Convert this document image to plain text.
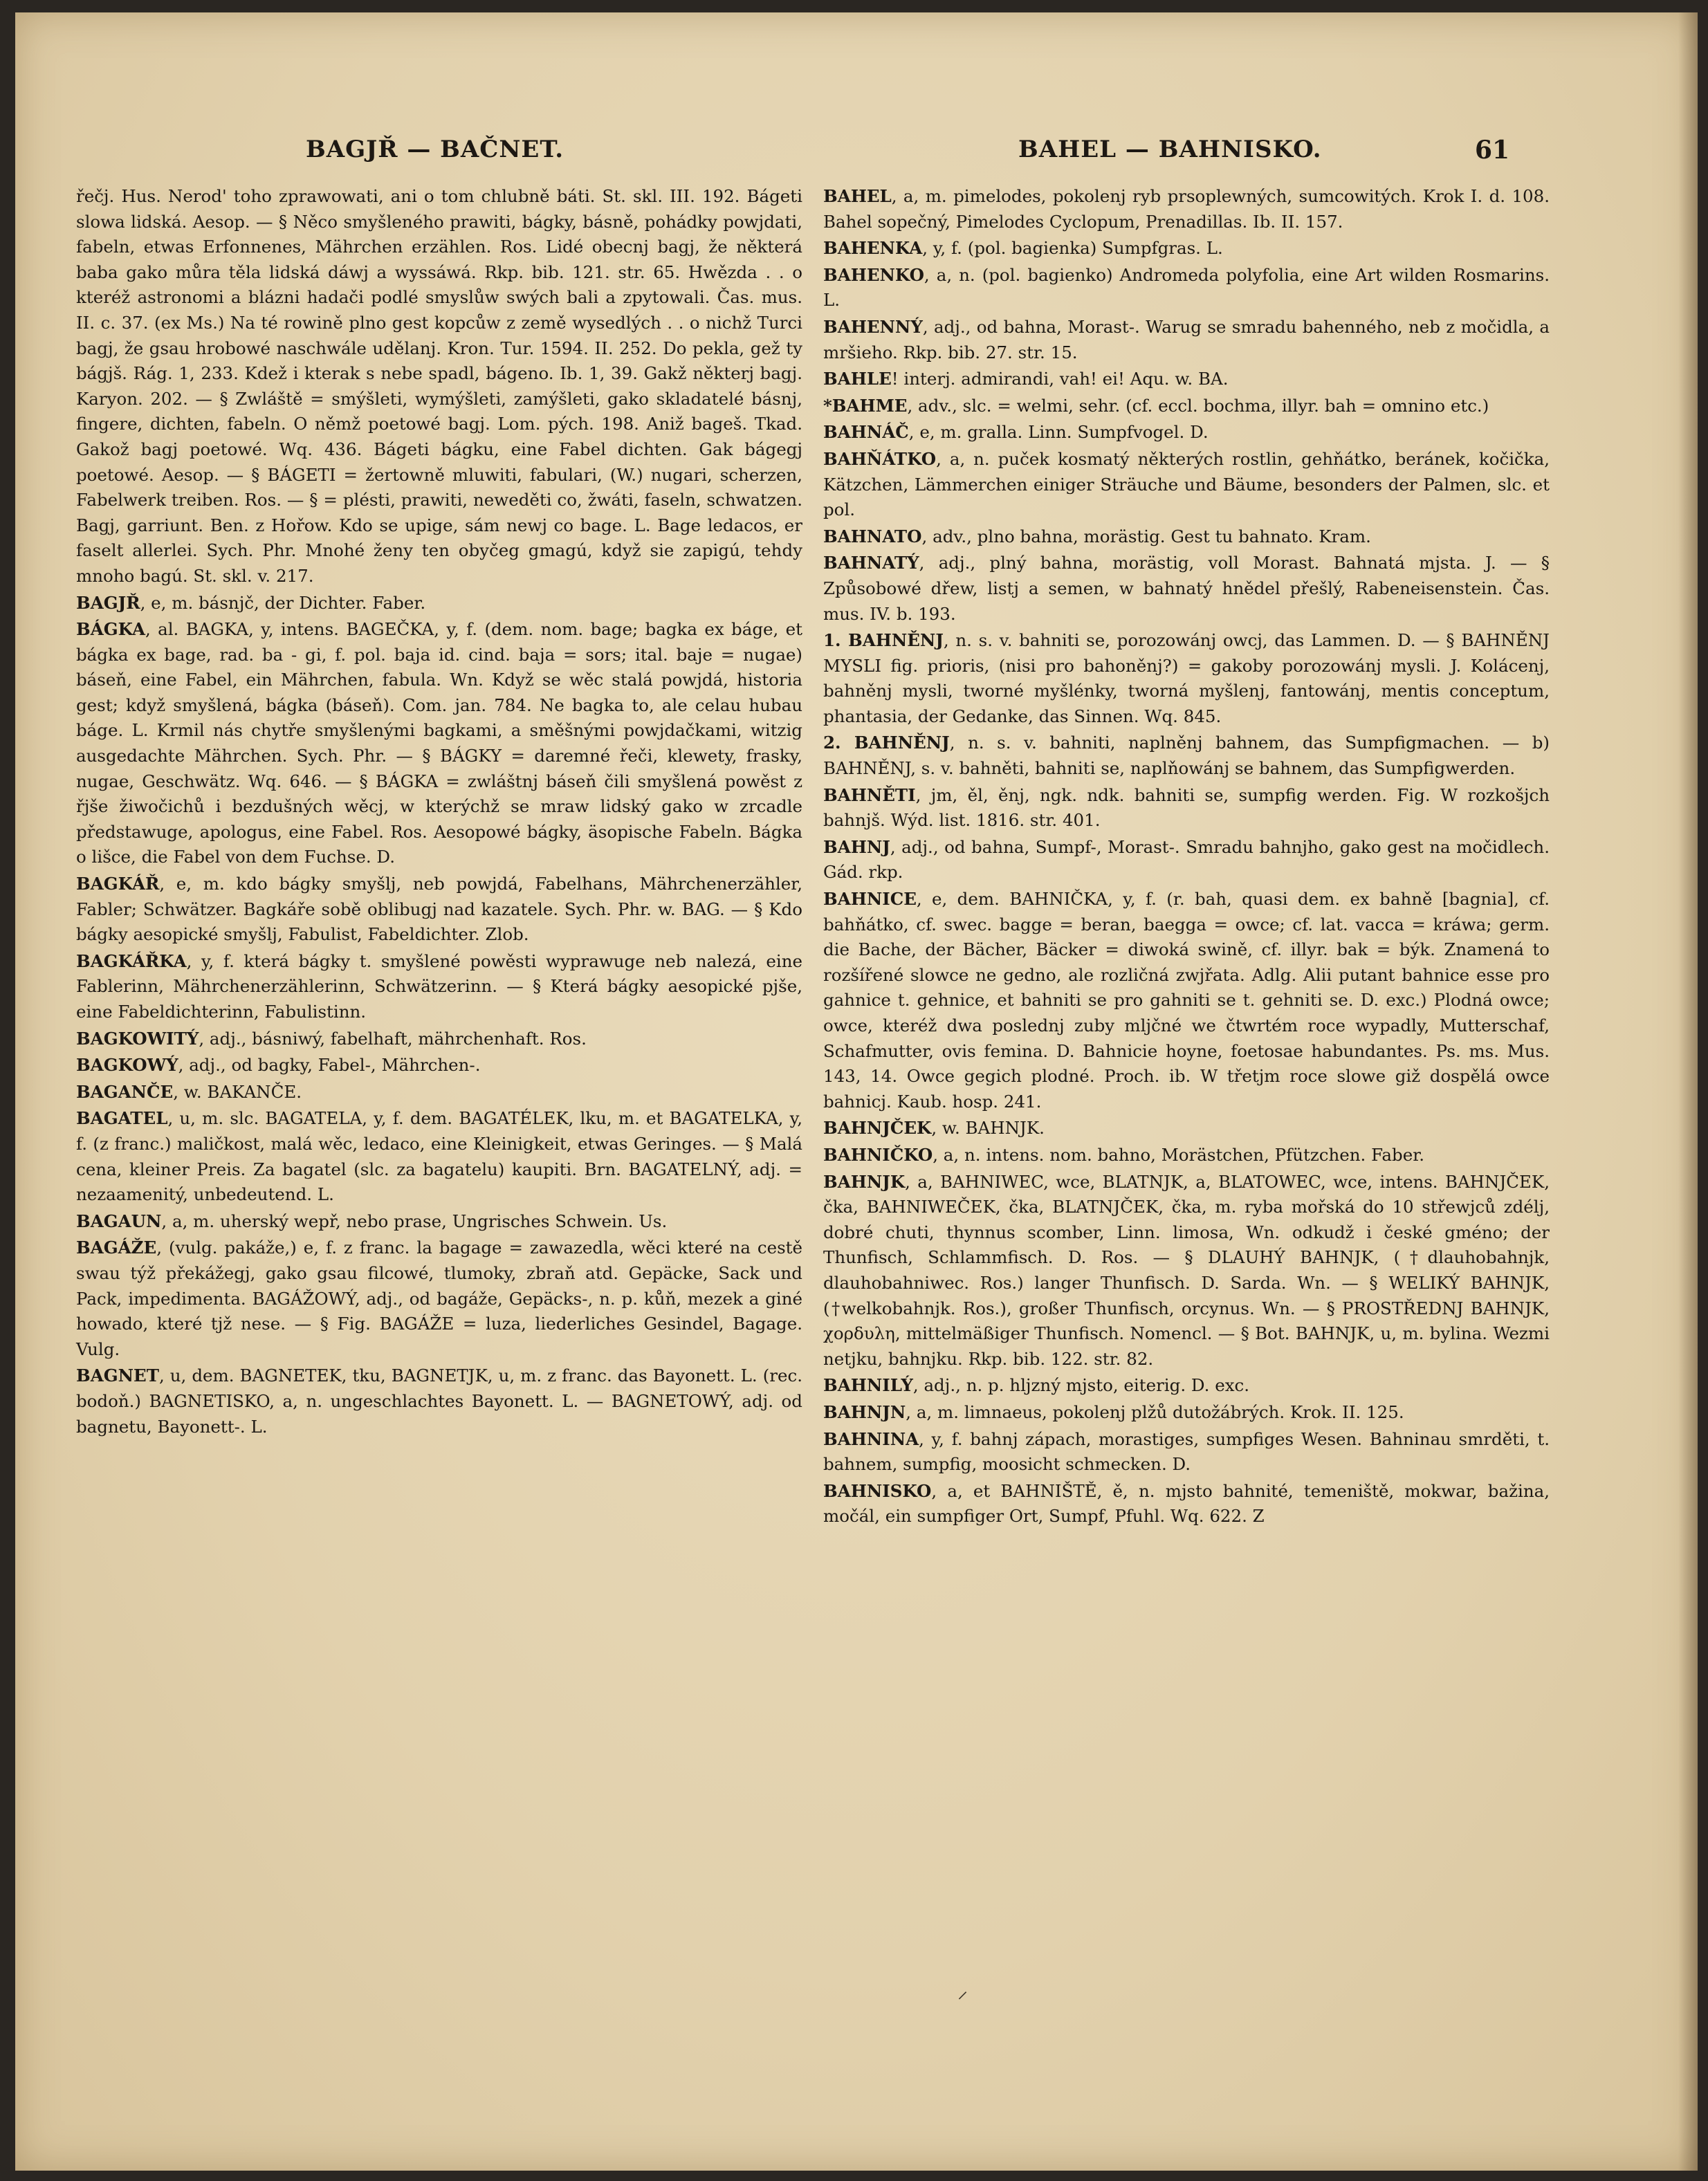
BAGJŘ — BAČNET.	BAHEL — BAHNISKO.	61

řečj. Hus. Nerod' toho zprawowati, ani o tom chlubně báti. St. skl. III. 192. Bágeti slowa lidská. Aesop. — § Něco smyšleného prawiti, bágky, básně, pohádky powjdati, fabeln, etwas Erfonnenes, Mährchen erzählen. Ros. Lidé obecnj bagj, že některá baba gako můra těla lidská dáwj a wyssáwá. Rkp. bib. 121. str. 65. Hwězda . . o kteréž astronomi a blázni hadači podlé smyslůw swých bali a zpytowali. Čas. mus. II. c. 37. (ex Ms.) Na té rowině plno gest kopcůw z země wysedlých . . o nichž Turci bagj, že gsau hrobowé naschwále udělanj. Kron. Tur. 1594. II. 252. Do pekla, gež ty bágjš. Rág. 1, 233. Kdež i kterak s nebe spadl, bágeno. Ib. 1, 39. Gakž některj bagj. Karyon. 202. — § Zwláště = smýšleti, wymýšleti, zamýšleti, gako skladatelé básnj, fingere, dichten, fabeln. O němž poetowé bagj. Lom. pých. 198. Aniž bageš. Tkad. Gakož bagj poetowé. Wq. 436. Bágeti bágku, eine Fabel dichten. Gak bágegj poetowé. Aesop. — § BÁGETI = žertowně mluwiti, fabulari, (W.) nugari, scherzen, Fabelwerk treiben. Ros. — § = plésti, prawiti, neweděti co, žwáti, faseln, schwatzen. Bagj, garriunt. Ben. z Hořow. Kdo se upige, sám newj co bage. L. Bage ledacos, er faselt allerlei. Sych. Phr. Mnohé ženy ten obyčeg gmagú, když sie zapigú, tehdy mnoho bagú. St. skl. v. 217.

BAGJŘ, e, m. básnjč, der Dichter. Faber.

BÁGKA, al. BAGKA, y, intens. BAGEČKA, y, f. (dem. nom. bage; bagka ex báge, et bágka ex bage, rad. ba - gi, f. pol. baja id. cind. baja = sors; ital. baje = nugae) báseň, eine Fabel, ein Mährchen, fabula. Wn. Když se wěc stalá powjdá, historia gest; když smyšlená, bágka (báseň). Com. jan. 784. Ne bagka to, ale celau hubau báge. L. Krmil nás chytře smyšlenými bagkami, a směšnými powjdačkami, witzig ausgedachte Mährchen. Sych. Phr. — § BÁGKY = daremné řeči, klewety, frasky, nugae, Geschwätz. Wq. 646. — § BÁGKA = zwláštnj báseň čili smyšlená powěst z řjše žiwočichů i bezdušných wěcj, w kterýchž se mraw lidský gako w zrcadle předstawuge, apologus, eine Fabel. Ros. Aesopowé bágky, äsopische Fabeln. Bágka o lišce, die Fabel von dem Fuchse. D.

BAGKÁŘ, e, m. kdo bágky smyšlj, neb powjdá, Fabelhans, Mährchenerzähler, Fabler; Schwätzer. Bagkáře sobě oblibugj nad kazatele. Sych. Phr. w. BAG. — § Kdo bágky aesopické smyšlj, Fabulist, Fabeldichter. Zlob.

BAGKÁŘKA, y, f. která bágky t. smyšlené powěsti wyprawuge neb nalezá, eine Fablerinn, Mährchenerzählerinn, Schwätzerinn. — § Která bágky aesopické pjše, eine Fabeldichterinn, Fabulistinn.

BAGKOWITÝ, adj., básniwý, fabelhaft, mährchenhaft. Ros.

BAGKOWÝ, adj., od bagky, Fabel-, Mährchen-.

BAGANČE, w. BAKANČE.

BAGATEL, u, m. slc. BAGATELA, y, f. dem. BAGATÉLEK, lku, m. et BAGATELKA, y, f. (z franc.) maličkost, malá wěc, ledaco, eine Kleinigkeit, etwas Geringes. — § Malá cena, kleiner Preis. Za bagatel (slc. za bagatelu) kaupiti. Brn. BAGATELNÝ, adj. = nezaamenitý, unbedeutend. L.

BAGAUN, a, m. uherský wepř, nebo prase, Ungrisches Schwein. Us.

BAGÁŽE, (vulg. pakáže,) e, f. z franc. la bagage = zawazedla, wěci které na cestě swau týž překážegj, gako gsau filcowé, tlumoky, zbraň atd. Gepäcke, Sack und Pack, impedimenta. BAGÁŽOWÝ, adj., od bagáže, Gepäcks-, n. p. kůň, mezek a giné howado, které tjž nese. — § Fig. BAGÁŽE = luza, liederliches Gesindel, Bagage. Vulg.

BAGNET, u, dem. BAGNETEK, tku, BAGNETJK, u, m. z franc. das Bayonett. L. (rec. bodoň.) BAGNETISKO, a, n. ungeschlachtes Bayonett. L. — BAGNETOWÝ, adj. od bagnetu, Bayonett-. L.

BAHEL, a, m. pimelodes, pokolenj ryb prsoplewných, sumcowitých. Krok I. d. 108. Bahel sopečný, Pimelodes Cyclopum, Prenadillas. Ib. II. 157.

BAHENKA, y, f. (pol. bagienka) Sumpfgras. L.

BAHENKO, a, n. (pol. bagienko) Andromeda polyfolia, eine Art wilden Rosmarins. L.

BAHENNÝ, adj., od bahna, Morast-. Warug se smradu bahenného, neb z močidla, a mršieho. Rkp. bib. 27. str. 15.

BAHLE! interj. admirandi, vah! ei! Aqu. w. BA.

*BAHME, adv., slc. = welmi, sehr. (cf. eccl. bochma, illyr. bah = omnino etc.)

BAHNÁČ, e, m. gralla. Linn. Sumpfvogel. D.

BAHŇÁTKO, a, n. puček kosmatý některých rostlin, gehňátko, beránek, kočička, Kätzchen, Lämmerchen einiger Sträuche und Bäume, besonders der Palmen, slc. et pol.

BAHNATO, adv., plno bahna, morästig. Gest tu bahnato. Kram.

BAHNATÝ, adj., plný bahna, morästig, voll Morast. Bahnatá mjsta. J. — § Způsobowé dřew, listj a semen, w bahnatý hnědel přešlý, Rabeneisenstein. Čas. mus. IV. b. 193.

1. BAHNĚNJ, n. s. v. bahniti se, porozowánj owcj, das Lammen. D. — § BAHNĚNJ MYSLI fig. prioris, (nisi pro bahoněnj?) = gakoby porozowánj mysli. J. Kolácenj, bahněnj mysli, tworné myšlénky, tworná myšlenj, fantowánj, mentis conceptum, phantasia, der Gedanke, das Sinnen. Wq. 845.

2. BAHNĚNJ, n. s. v. bahniti, naplněnj bahnem, das Sumpfigmachen. — b) BAHNĚNJ, s. v. bahněti, bahniti se, naplňowánj se bahnem, das Sumpfigwerden.

BAHNĚTI, jm, ěl, ěnj, ngk. ndk. bahniti se, sumpfig werden. Fig. W rozkošjch bahnjš. Wýd. list. 1816. str. 401.

BAHNJ, adj., od bahna, Sumpf-, Morast-. Smradu bahnjho, gako gest na močidlech. Gád. rkp.

BAHNICE, e, dem. BAHNIČKA, y, f. (r. bah, quasi dem. ex bahně [bagnia], cf. bahňátko, cf. swec. bagge = beran, baegga = owce; cf. lat. vacca = kráwa; germ. die Bache, der Bächer, Bäcker = diwoká swině, cf. illyr. bak = býk. Znamená to rozšířené slowce ne gedno, ale rozličná zwjřata. Adlg. Alii putant bahnice esse pro gahnice t. gehnice, et bahniti se pro gahniti se t. gehniti se. D. exc.) Plodná owce; owce, kteréž dwa poslednj zuby mljčné we čtwrtém roce wypadly, Mutterschaf, Schafmutter, ovis femina. D. Bahnicie hoyne, foetosae habundantes. Ps. ms. Mus. 143, 14. Owce gegich plodné. Proch. ib. W třetjm roce slowe giž dospělá owce bahnicj. Kaub. hosp. 241.

BAHNJČEK, w. BAHNJK.

BAHNIČKO, a, n. intens. nom. bahno, Morästchen, Pfützchen. Faber.

BAHNJK, a, BAHNIWEC, wce, BLATNJK, a, BLATOWEC, wce, intens. BAHNJČEK, čka, BAHNIWEČEK, čka, BLATNJČEK, čka, m. ryba mořská do 10 střewjců zdélj, dobré chuti, thynnus scomber, Linn. limosa, Wn. odkudž i české gméno; der Thunfisch, Schlammfisch. D. Ros. — § DLAUHÝ BAHNJK, (†dlauhobahnjk, dlauhobahniwec. Ros.) langer Thunfisch. D. Sarda. Wn. — § WELIKÝ BAHNJK, (†welkobahnjk. Ros.), großer Thunfisch, orcynus. Wn. — § PROSTŘEDNJ BAHNJK, χορδυλη, mittelmäßiger Thunfisch. Nomencl. — § Bot. BAHNJK, u, m. bylina. Wezmi netjku, bahnjku. Rkp. bib. 122. str. 82.

BAHNILÝ, adj., n. p. hljzný mjsto, eiterig. D. exc.

BAHNJN, a, m. limnaeus, pokolenj plžů dutožábrých. Krok. II. 125.

BAHNINA, y, f. bahnj zápach, morastiges, sumpfiges Wesen. Bahninau smrděti, t. bahnem, sumpfig, moosicht schmecken. D.

BAHNISKO, a, et BAHNIŠTĚ, ě, n. mjsto bahnité, temeniště, mokwar, bažina, močál, ein sumpfiger Ort, Sumpf, Pfuhl. Wq. 622. Z

⸝
